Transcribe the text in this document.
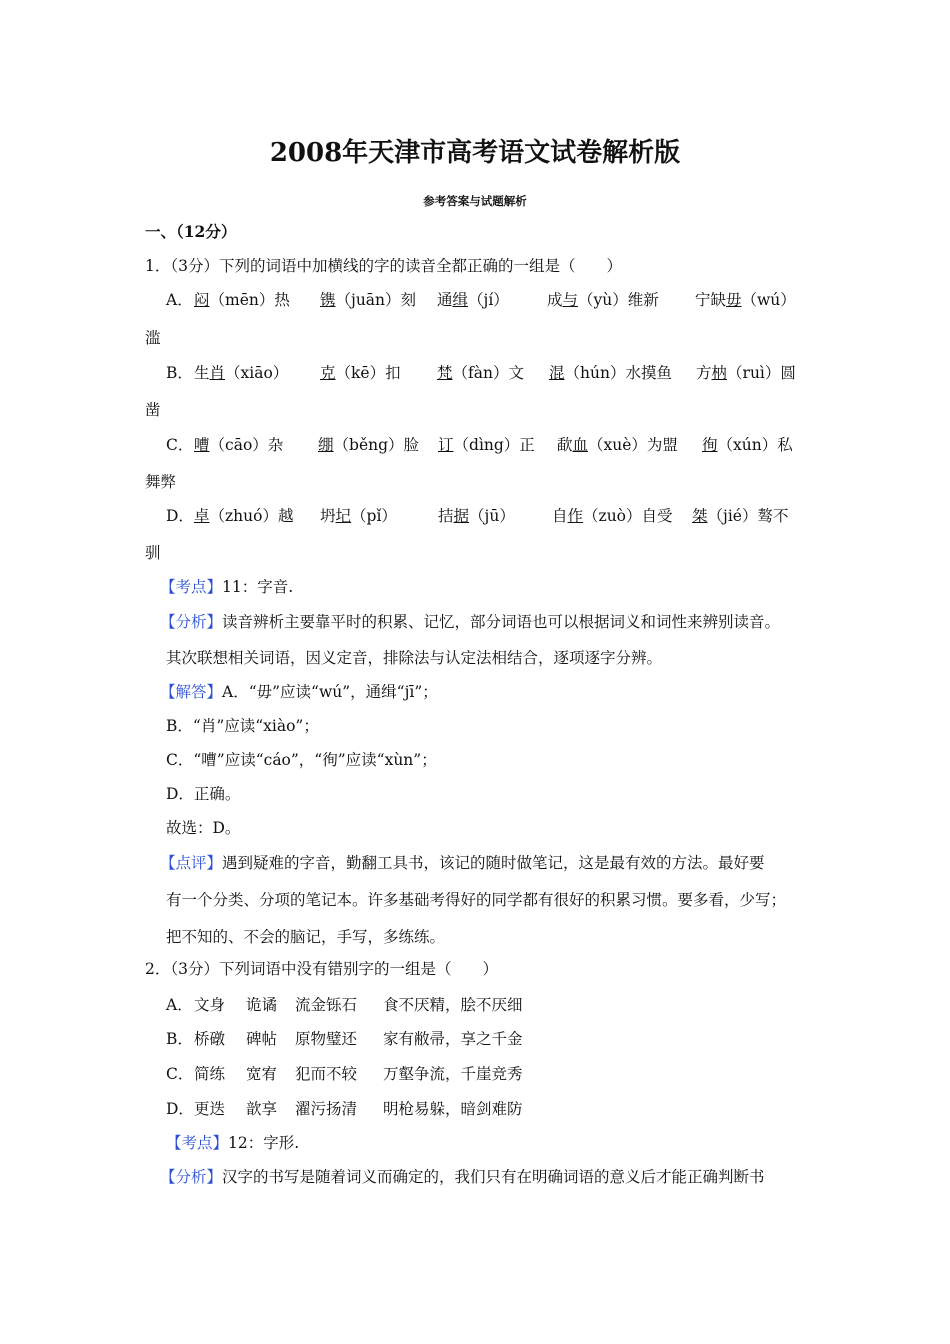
2008年天津市高考语文试卷解析版
参考答案与试题解析
一、（12分）
1．（3分）下列的词语中加横线的字的读音全都正确的一组是（　　）
A． 闷（mēn）热 镌（juān）刻 通缉（jí） 成与（yù）维新 宁缺毋（wú）
滥
B． 生肖（xiāo） 克（kē）扣 梵（fàn）文 混（hún）水摸鱼 方枘（ruì）圆
凿
C． 嘈（cāo）杂 绷（běng）脸 订（dìng）正 歃血（xuè）为盟 徇（xún）私
舞弊
D． 卓（zhuó）越 坍圮（pǐ）	拮据（jū） 自作（zuò）自受 桀（jié）骜不
驯
【考点】11：字音.
【分析】读音辨析主要靠平时的积累、记忆，部分词语也可以根据词义和词性来辨别读音。
其次联想相关词语，因义定音，排除法与认定法相结合，逐项逐字分辨。
【解答】A．“毋”应读“wú”，通缉“jī”；
B．“肖”应读“xiào”；
C．“嘈”应读“cáo”，“徇”应读“xùn”；
D．正确。
故选：D。
【点评】遇到疑难的字音，勤翻工具书，该记的随时做笔记，这是最有效的方法。最好要
有一个分类、分项的笔记本。许多基础考得好的同学都有很好的积累习惯。要多看，少写；
把不知的、不会的脑记，手写，多练练。
2．（3分）下列词语中没有错别字的一组是（　　）
A． 文身 诡谲 流金铄石 食不厌精，脍不厌细
B． 桥礅 碑帖 原物璧还 家有敝帚，享之千金
C． 简练 宽宥 犯而不较 万壑争流，千崖竞秀
D． 更迭 歆享 濯污扬清 明枪易躲，暗剑难防
【考点】12：字形.
【分析】汉字的书写是随着词义而确定的，我们只有在明确词语的意义后才能正确判断书
